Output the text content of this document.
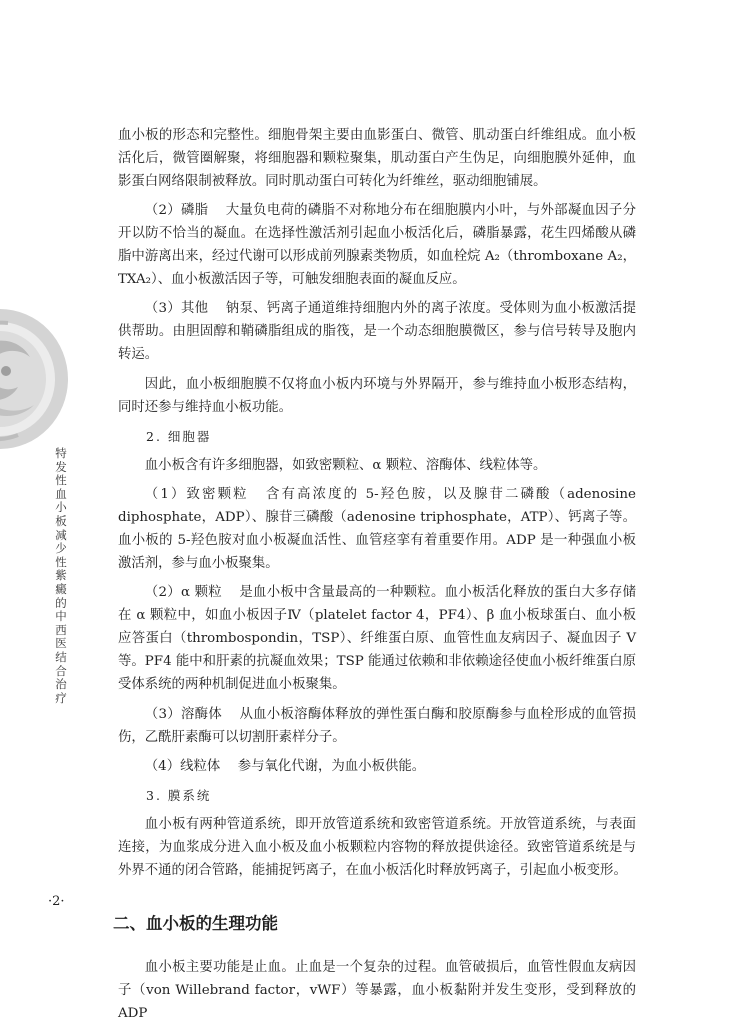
特发性血小板减少性紫癜的中西医结合治疗
·2·

血小板的形态和完整性。细胞骨架主要由血影蛋白、微管、肌动蛋白纤维组成。血小板活化后，微管圈解聚，将细胞器和颗粒聚集，肌动蛋白产生伪足，向细胞膜外延伸，血影蛋白网络限制被释放。同时肌动蛋白可转化为纤维丝，驱动细胞铺展。

（2）磷脂 大量负电荷的磷脂不对称地分布在细胞膜内小叶，与外部凝血因子分开以防不恰当的凝血。在选择性激活剂引起血小板活化后，磷脂暴露，花生四烯酸从磷脂中游离出来，经过代谢可以形成前列腺素类物质，如血栓烷 A₂（thromboxane A₂，TXA₂）、血小板激活因子等，可触发细胞表面的凝血反应。

（3）其他 钠泵、钙离子通道维持细胞内外的离子浓度。受体则为血小板激活提供帮助。由胆固醇和鞘磷脂组成的脂筏，是一个动态细胞膜微区，参与信号转导及胞内转运。

因此，血小板细胞膜不仅将血小板内环境与外界隔开，参与维持血小板形态结构，同时还参与维持血小板功能。

2. 细胞器

血小板含有许多细胞器，如致密颗粒、α 颗粒、溶酶体、线粒体等。

（1）致密颗粒 含有高浓度的 5-羟色胺，以及腺苷二磷酸（adenosine diphosphate，ADP）、腺苷三磷酸（adenosine triphosphate，ATP）、钙离子等。血小板的 5-羟色胺对血小板凝血活性、血管痉挛有着重要作用。ADP 是一种强血小板激活剂，参与血小板聚集。

（2）α 颗粒 是血小板中含量最高的一种颗粒。血小板活化释放的蛋白大多存储在 α 颗粒中，如血小板因子Ⅳ（platelet factor 4，PF4）、β 血小板球蛋白、血小板应答蛋白（thrombospondin，TSP）、纤维蛋白原、血管性血友病因子、凝血因子 V 等。PF4 能中和肝素的抗凝血效果；TSP 能通过依赖和非依赖途径使血小板纤维蛋白原受体系统的两种机制促进血小板聚集。

（3）溶酶体 从血小板溶酶体释放的弹性蛋白酶和胶原酶参与血栓形成的血管损伤，乙酰肝素酶可以切割肝素样分子。

（4）线粒体 参与氧化代谢，为血小板供能。

3. 膜系统

血小板有两种管道系统，即开放管道系统和致密管道系统。开放管道系统，与表面连接，为血浆成分进入血小板及血小板颗粒内容物的释放提供途径。致密管道系统是与外界不通的闭合管路，能捕捉钙离子，在血小板活化时释放钙离子，引起血小板变形。

二、血小板的生理功能

血小板主要功能是止血。止血是一个复杂的过程。血管破损后，血管性假血友病因子（von Willebrand factor，vWF）等暴露，血小板黏附并发生变形，受到释放的 ADP
